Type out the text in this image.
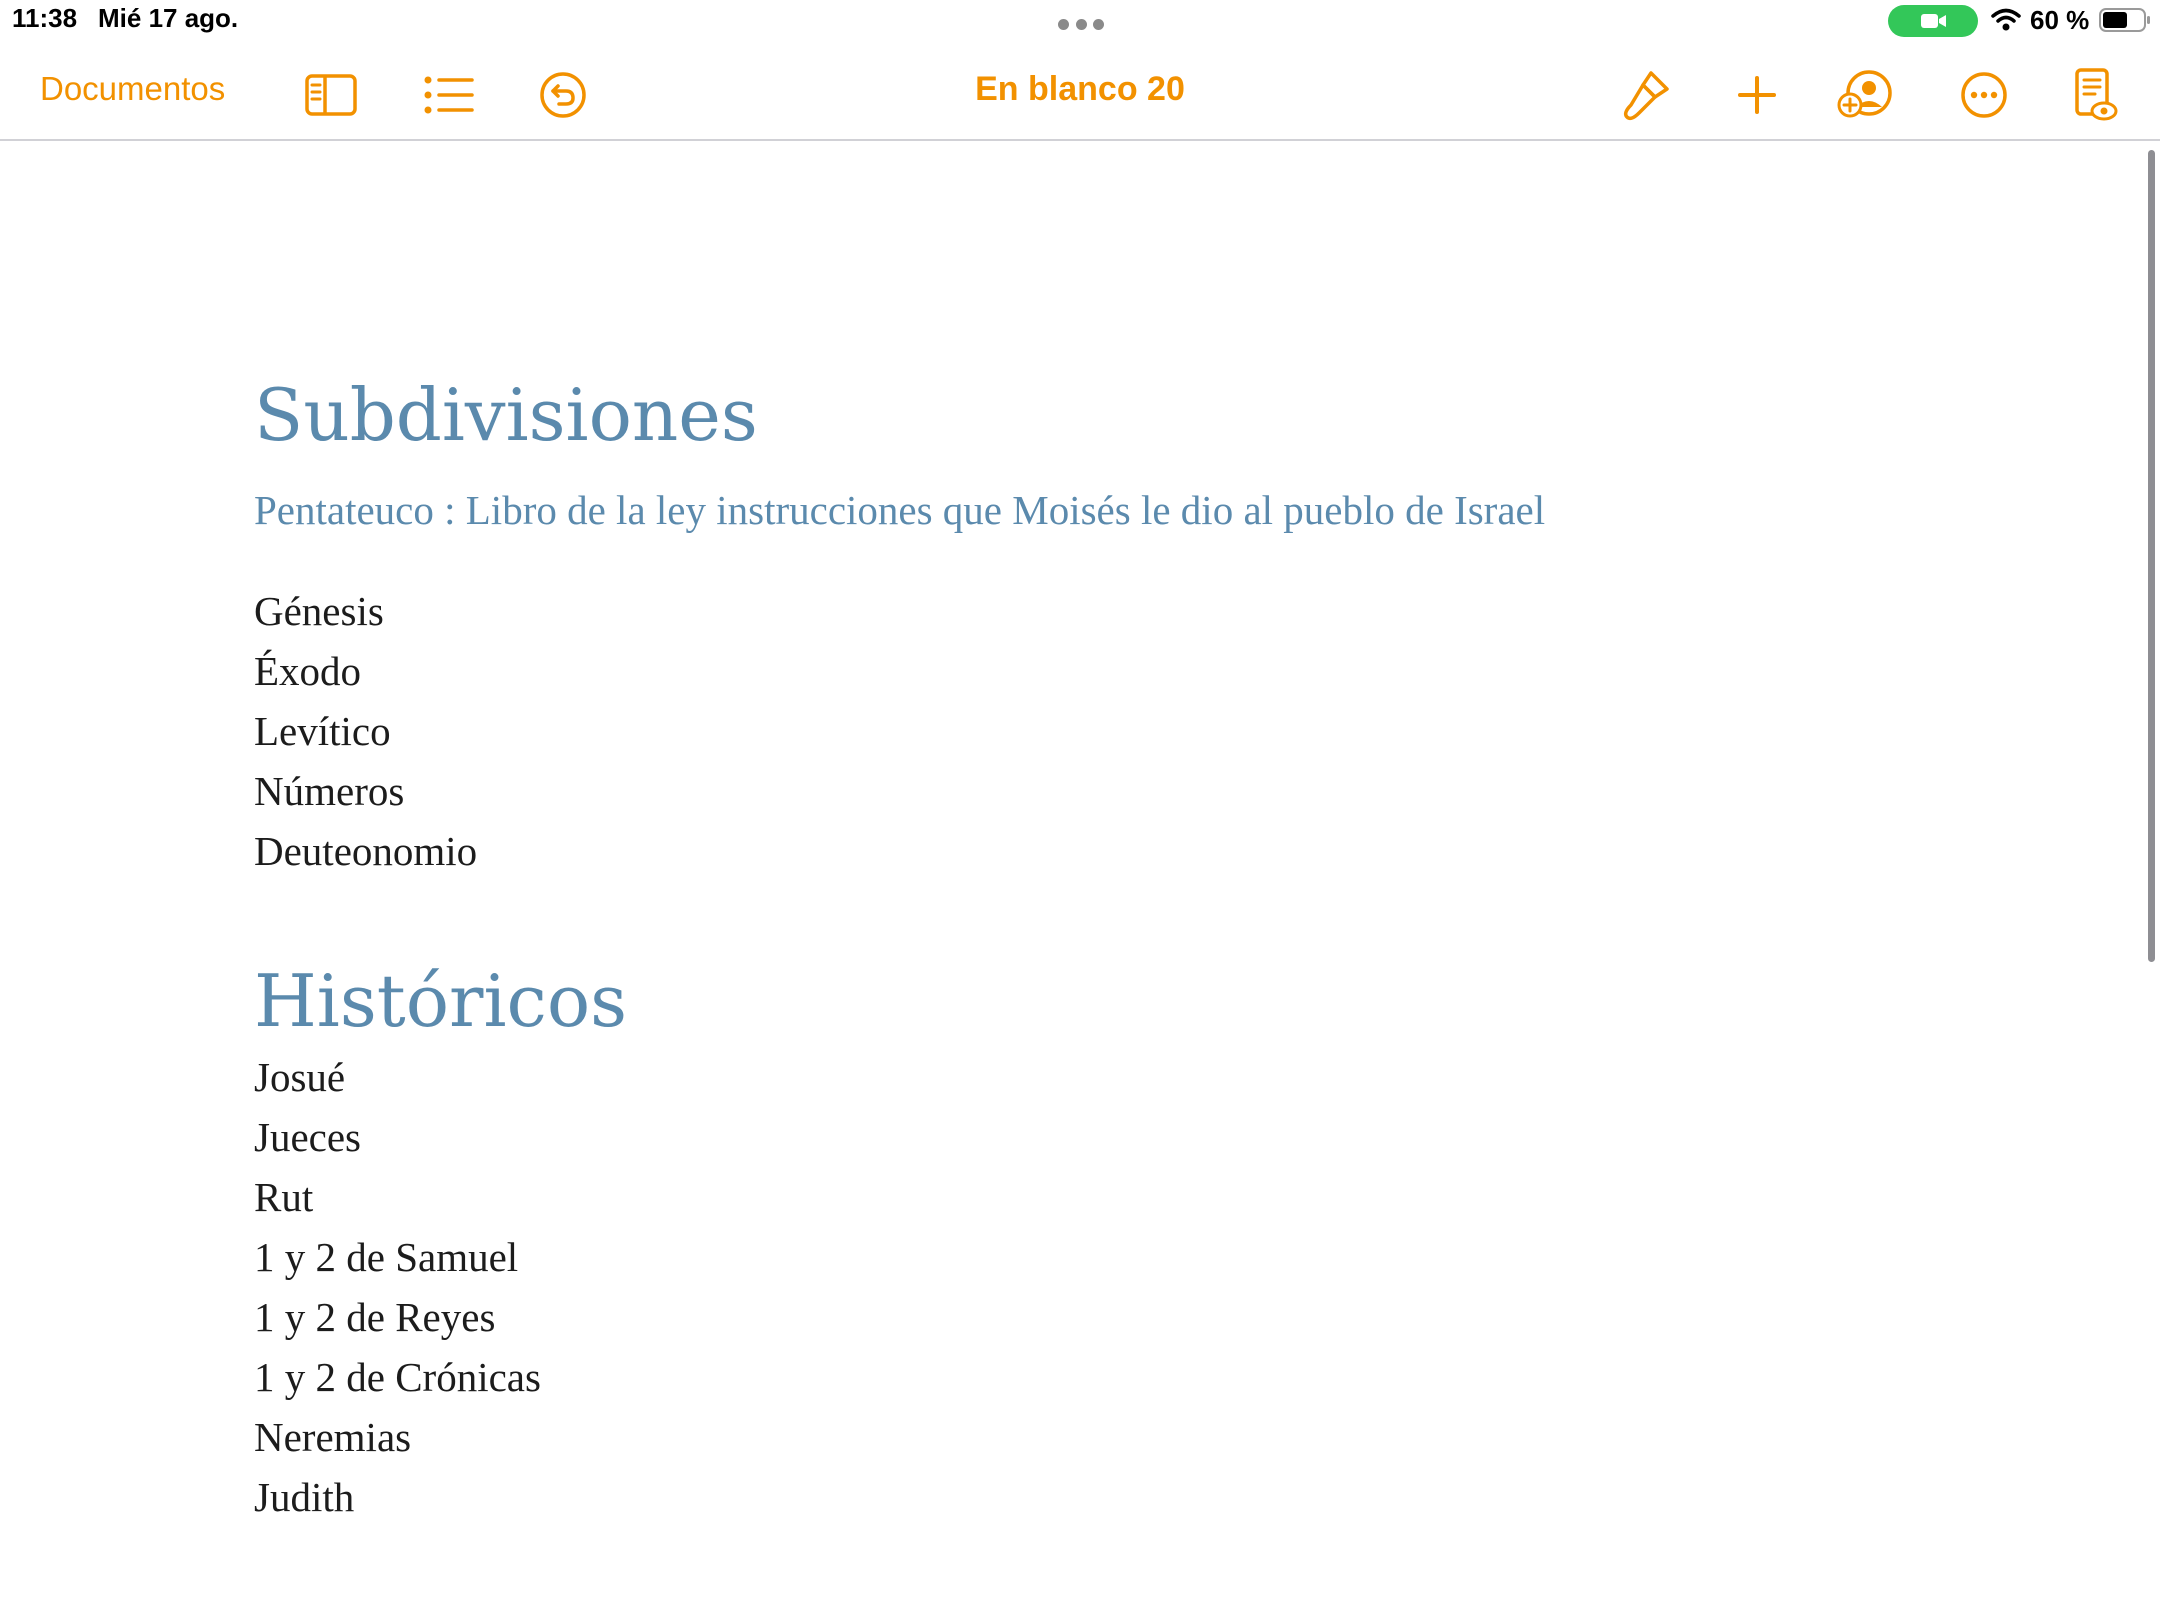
11:38 Mié 17 ago.	60 %
Documentos	En blanco 20
Subdivisiones
Pentateuco : Libro de la ley instrucciones que Moisés le dio al pueblo de Israel
Génesis
Éxodo
Levítico
Números
Deuteonomio
Históricos
Josué
Jueces
Rut
1 y 2 de Samuel
1 y 2 de Reyes
1 y 2 de Crónicas
Neremias
Judith
